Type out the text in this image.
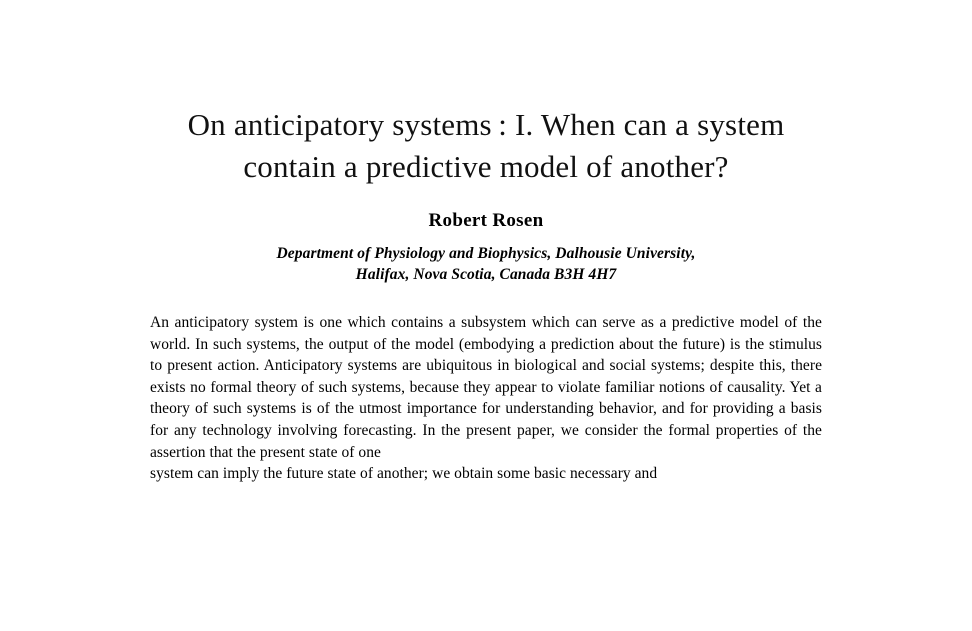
On anticipatory systems : I. When can a system
contain a predictive model of another?
Robert Rosen
Department of Physiology and Biophysics, Dalhousie University,
Halifax, Nova Scotia, Canada B3H 4H7

An anticipatory system is one which contains a subsystem which can serve as a predictive model of the world. In such systems, the output of the model (embodying a prediction about the future) is the stimulus to present action. Anticipatory systems are ubiquitous in biological and social systems; despite this, there exists no formal theory of such systems, because they appear to violate familiar notions of causality. Yet a theory of such systems is of the utmost importance for understanding behavior, and for providing a basis for any technology involving forecasting. In the present paper, we consider the formal properties of the assertion that the present state of one

system can imply the future state of another; we obtain some basic necessary and
